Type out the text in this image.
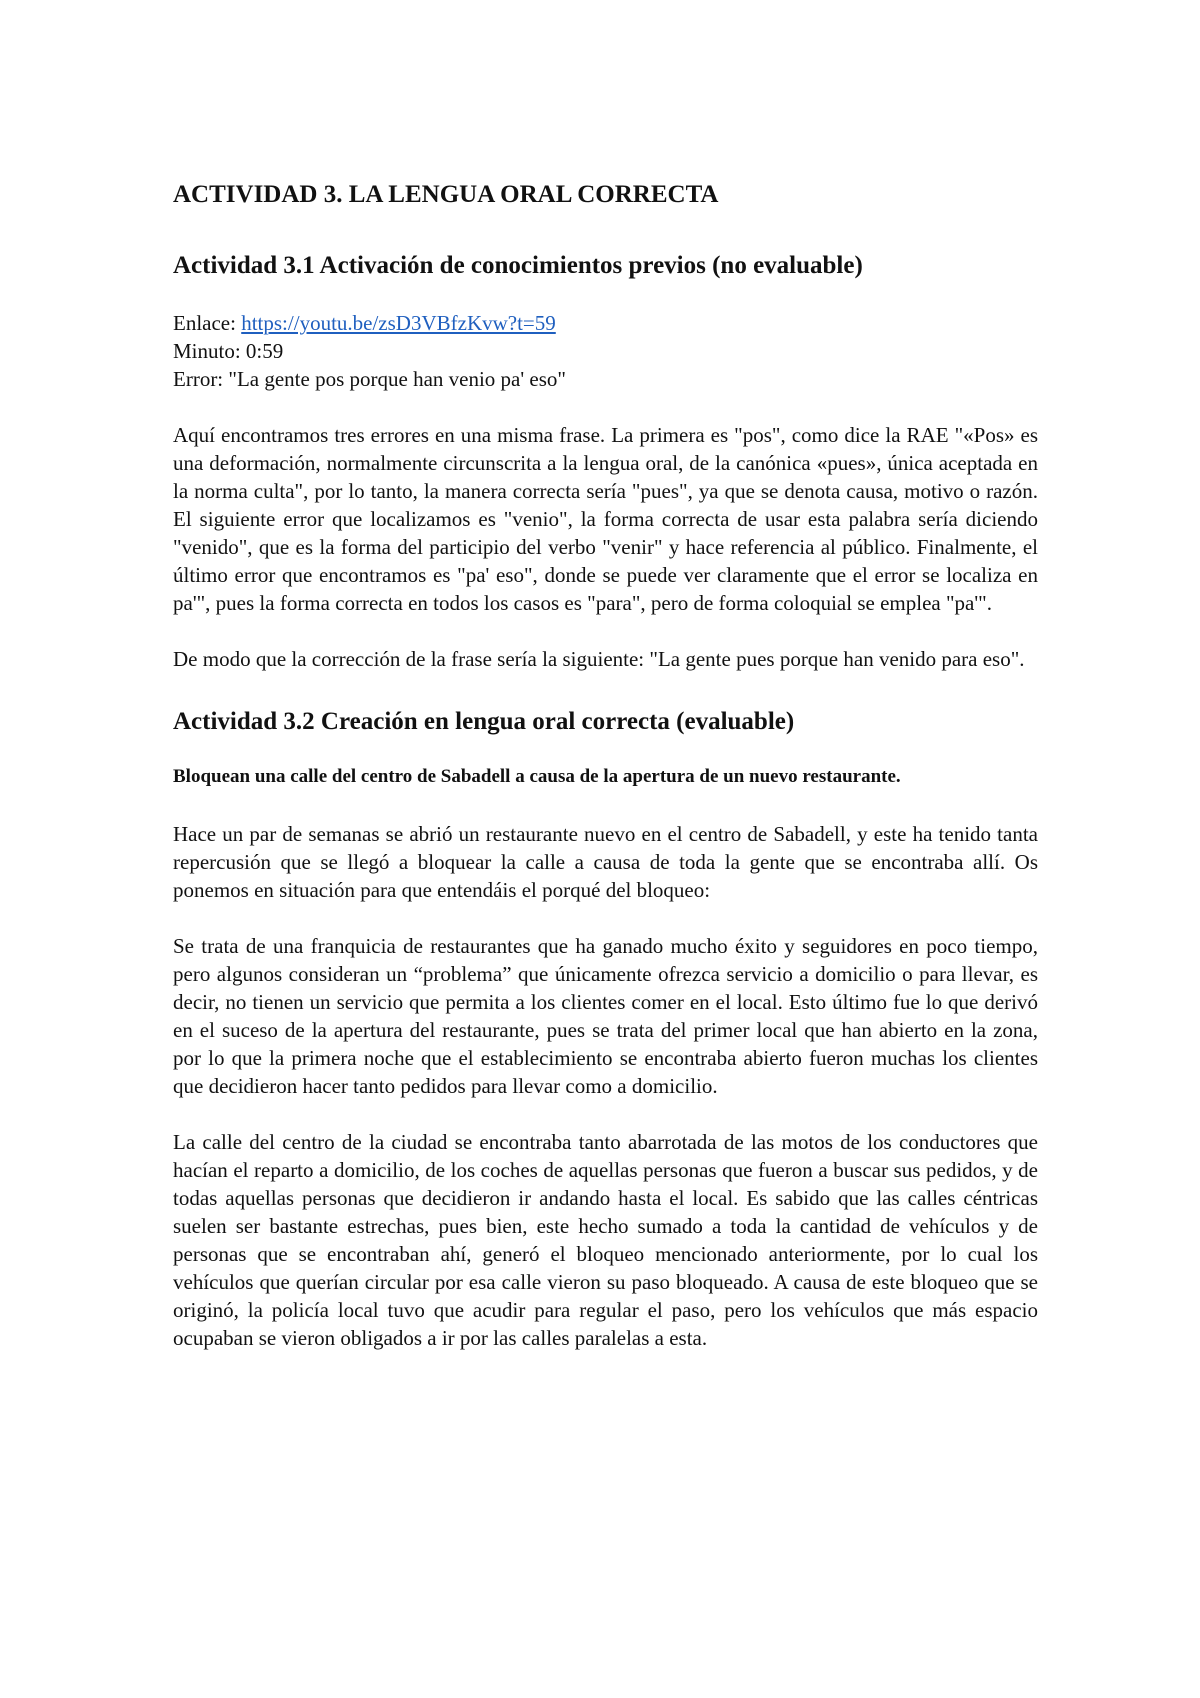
ACTIVIDAD 3. LA LENGUA ORAL CORRECTA
Actividad 3.1 Activación de conocimientos previos (no evaluable)
Enlace: https://youtu.be/zsD3VBfzKvw?t=59
Minuto: 0:59
Error: "La gente pos porque han venio pa' eso"

Aquí encontramos tres errores en una misma frase. La primera es "pos", como dice la RAE "«Pos» es una deformación, normalmente circunscrita a la lengua oral, de la canónica «pues», única aceptada en la norma culta", por lo tanto, la manera correcta sería "pues", ya que se denota causa, motivo o razón. El siguiente error que localizamos es "venio", la forma correcta de usar esta palabra sería diciendo "venido", que es la forma del participio del verbo "venir" y hace referencia al público. Finalmente, el último error que encontramos es "pa' eso", donde se puede ver claramente que el error se localiza en pa'", pues la forma correcta en todos los casos es "para", pero de forma coloquial se emplea "pa'".

De modo que la corrección de la frase sería la siguiente: "La gente pues porque han venido para eso".

Actividad 3.2 Creación en lengua oral correcta (evaluable)
Bloquean una calle del centro de Sabadell a causa de la apertura de un nuevo restaurante.

Hace un par de semanas se abrió un restaurante nuevo en el centro de Sabadell, y este ha tenido tanta repercusión que se llegó a bloquear la calle a causa de toda la gente que se encontraba allí. Os ponemos en situación para que entendáis el porqué del bloqueo:

Se trata de una franquicia de restaurantes que ha ganado mucho éxito y seguidores en poco tiempo, pero algunos consideran un “problema” que únicamente ofrezca servicio a domicilio o para llevar, es decir, no tienen un servicio que permita a los clientes comer en el local. Esto último fue lo que derivó en el suceso de la apertura del restaurante, pues se trata del primer local que han abierto en la zona, por lo que la primera noche que el establecimiento se encontraba abierto fueron muchas los clientes que decidieron hacer tanto pedidos para llevar como a domicilio.

La calle del centro de la ciudad se encontraba tanto abarrotada de las motos de los conductores que hacían el reparto a domicilio, de los coches de aquellas personas que fueron a buscar sus pedidos, y de todas aquellas personas que decidieron ir andando hasta el local. Es sabido que las calles céntricas suelen ser bastante estrechas, pues bien, este hecho sumado a toda la cantidad de vehículos y de personas que se encontraban ahí, generó el bloqueo mencionado anteriormente, por lo cual los vehículos que querían circular por esa calle vieron su paso bloqueado. A causa de este bloqueo que se originó, la policía local tuvo que acudir para regular el paso, pero los vehículos que más espacio ocupaban se vieron obligados a ir por las calles paralelas a esta.
